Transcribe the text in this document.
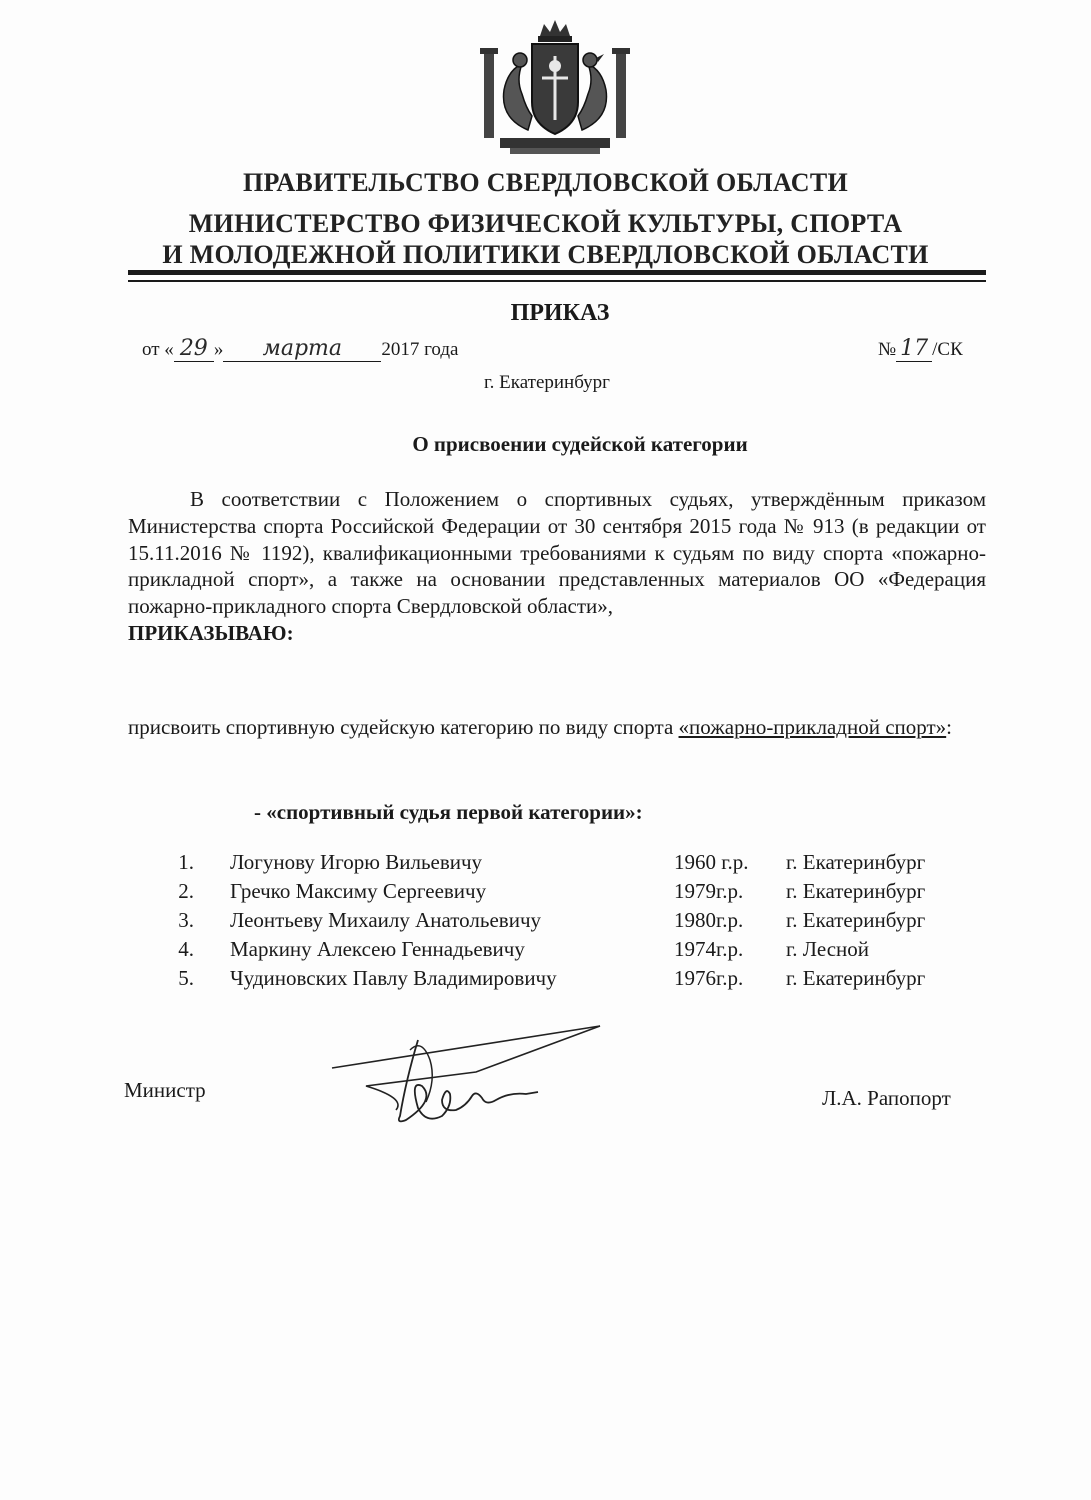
ПРАВИТЕЛЬСТВО СВЕРДЛОВСКОЙ ОБЛАСТИ
МИНИСТЕРСТВО ФИЗИЧЕСКОЙ КУЛЬТУРЫ, СПОРТА
И МОЛОДЕЖНОЙ ПОЛИТИКИ СВЕРДЛОВСКОЙ ОБЛАСТИ
ПРИКАЗ
от « 29 » марта 2017 года	№ 17 /СК
г. Екатеринбург
О присвоении судейской категории

В соответствии с Положением о спортивных судьях, утверждённым приказом Министерства спорта Российской Федерации от 30 сентября 2015 года № 913 (в редакции от 15.11.2016 № 1192), квалификационными требованиями к судьям по виду спорта «пожарно-прикладной спорт», а также на основании представленных материалов ОО «Федерация пожарно-прикладного спорта Свердловской области»,

ПРИКАЗЫВАЮ:
присвоить спортивную судейскую категорию по виду спорта «пожарно-прикладной спорт»:
- «спортивный судья первой категории»:
1. Логунову Игорю Вильевичу	1960 г.р. г. Екатеринбург
2. Гречко Максиму Сергеевичу	1979г.р. г. Екатеринбург
3. Леонтьеву Михаилу Анатольевичу	1980г.р. г. Екатеринбург
4. Маркину Алексею Геннадьевичу	1974г.р. г. Лесной
5. Чудиновских Павлу Владимировичу	1976г.р. г. Екатеринбург
Министр	Л.А. Рапопорт
